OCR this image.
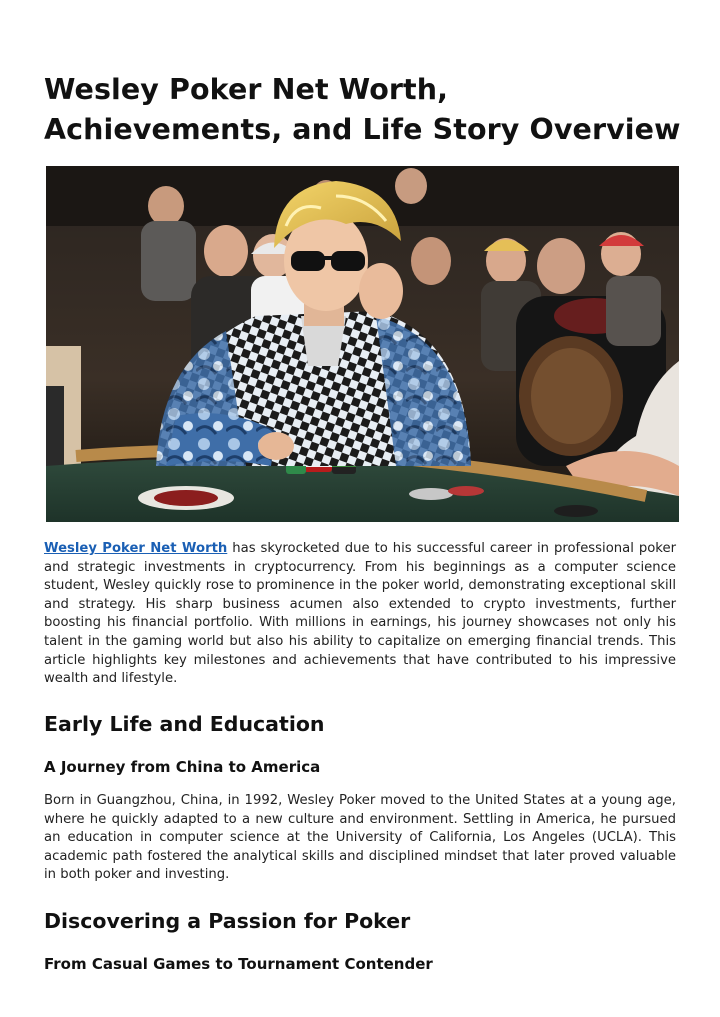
Wesley Poker Net Worth, Achievements, and Life Story Overview

Wesley Poker Net Worth has skyrocketed due to his successful career in professional poker and strategic investments in cryptocurrency. From his beginnings as a computer science student, Wesley quickly rose to prominence in the poker world, demonstrating exceptional skill and strategy. His sharp business acumen also extended to crypto investments, further boosting his financial portfolio. With millions in earnings, his journey showcases not only his talent in the gaming world but also his ability to capitalize on emerging financial trends. This article highlights key milestones and achievements that have contributed to his impressive wealth and lifestyle.

Early Life and Education
A Journey from China to America

Born in Guangzhou, China, in 1992, Wesley Poker moved to the United States at a young age, where he quickly adapted to a new culture and environment. Settling in America, he pursued an education in computer science at the University of California, Los Angeles (UCLA). This academic path fostered the analytical skills and disciplined mindset that later proved valuable in both poker and investing.

Discovering a Passion for Poker
From Casual Games to Tournament Contender
